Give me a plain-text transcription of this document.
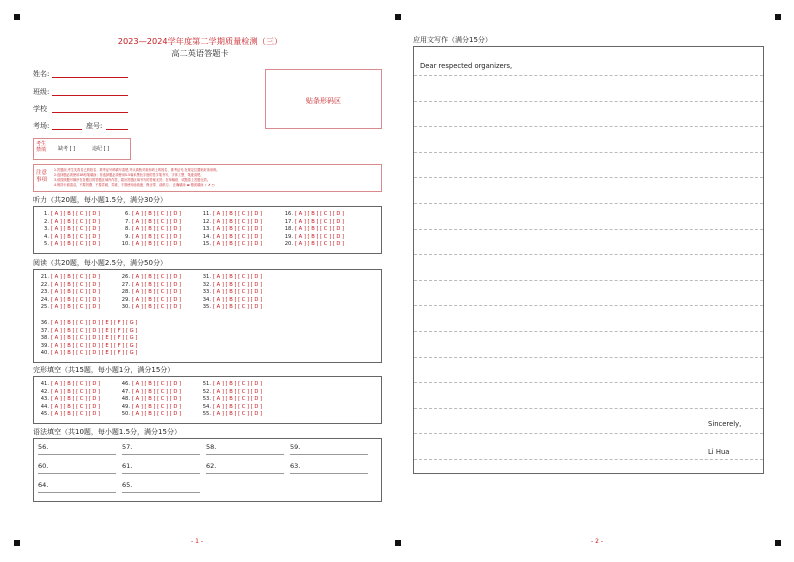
2023—2024学年度第二学期质量检测（三）
高二英语答题卡
姓名:
班级:
学校
考场:	座号:
贴条形码区
考生
禁填 缺考 [ ]	违纪 [ ]
注意
事项
1.答题前,考生先将自己的姓名、准考证号码填写清楚,并认真核对条形码上的姓名、准考证号,在规定位置贴好条形码。
2.选择题必须使用2B铅笔填涂；非选择题必须使用0.5毫米黑色字迹的签字笔书写，字体工整、笔迹清楚。
3.请按照题号顺序在各题目的答题区域内作答，超出答题区域书写的答案无效；在草稿纸、试题卷上答题无效。
4.保持卡面清洁，不要折叠、不要弄破、弄皱，不准使用涂改液、修正带、刮纸刀。 正确填涂 ▬ 错误填涂 ✓ ✗ ○
听力（共20题，每小题1.5分，满分30分）
1. [ A ] [ B ] [ C ] [ D ]
2. [ A ] [ B ] [ C ] [ D ]
3. [ A ] [ B ] [ C ] [ D ]
4. [ A ] [ B ] [ C ] [ D ]
5. [ A ] [ B ] [ C ] [ D ]
6. [ A ] [ B ] [ C ] [ D ]
7. [ A ] [ B ] [ C ] [ D ]
8. [ A ] [ B ] [ C ] [ D ]
9. [ A ] [ B ] [ C ] [ D ]
10. [ A ] [ B ] [ C ] [ D ]
11. [ A ] [ B ] [ C ] [ D ]
12. [ A ] [ B ] [ C ] [ D ]
13. [ A ] [ B ] [ C ] [ D ]
14. [ A ] [ B ] [ C ] [ D ]
15. [ A ] [ B ] [ C ] [ D ]
16. [ A ] [ B ] [ C ] [ D ]
17. [ A ] [ B ] [ C ] [ D ]
18. [ A ] [ B ] [ C ] [ D ]
19. [ A ] [ B ] [ C ] [ D ]
20. [ A ] [ B ] [ C ] [ D ]
阅读（共20题，每小题2.5分，满分50分）
21. [ A ] [ B ] [ C ] [ D ]
22. [ A ] [ B ] [ C ] [ D ]
23. [ A ] [ B ] [ C ] [ D ]
24. [ A ] [ B ] [ C ] [ D ]
25. [ A ] [ B ] [ C ] [ D ]
26. [ A ] [ B ] [ C ] [ D ]
27. [ A ] [ B ] [ C ] [ D ]
28. [ A ] [ B ] [ C ] [ D ]
29. [ A ] [ B ] [ C ] [ D ]
30. [ A ] [ B ] [ C ] [ D ]
31. [ A ] [ B ] [ C ] [ D ]
32. [ A ] [ B ] [ C ] [ D ]
33. [ A ] [ B ] [ C ] [ D ]
34. [ A ] [ B ] [ C ] [ D ]
35. [ A ] [ B ] [ C ] [ D ]
36. [ A ] [ B ] [ C ] [ D ] [ E ] [ F ] [ G ]
37. [ A ] [ B ] [ C ] [ D ] [ E ] [ F ] [ G ]
38. [ A ] [ B ] [ C ] [ D ] [ E ] [ F ] [ G ]
39. [ A ] [ B ] [ C ] [ D ] [ E ] [ F ] [ G ]
40. [ A ] [ B ] [ C ] [ D ] [ E ] [ F ] [ G ]
完形填空（共15题，每小题1分，满分15分）
41. [ A ] [ B ] [ C ] [ D ]
42. [ A ] [ B ] [ C ] [ D ]
43. [ A ] [ B ] [ C ] [ D ]
44. [ A ] [ B ] [ C ] [ D ]
45. [ A ] [ B ] [ C ] [ D ]
46. [ A ] [ B ] [ C ] [ D ]
47. [ A ] [ B ] [ C ] [ D ]
48. [ A ] [ B ] [ C ] [ D ]
49. [ A ] [ B ] [ C ] [ D ]
50. [ A ] [ B ] [ C ] [ D ]
51. [ A ] [ B ] [ C ] [ D ]
52. [ A ] [ B ] [ C ] [ D ]
53. [ A ] [ B ] [ C ] [ D ]
54. [ A ] [ B ] [ C ] [ D ]
55. [ A ] [ B ] [ C ] [ D ]
语法填空（共10题，每小题1.5分，满分15分）
56.	57.	58.	59.
60.	61.	62.	63.
64.	65.
- 1 -
应用文写作（满分15分）
Dear respected organizers,
Sincerely,
Li Hua
- 2 -
